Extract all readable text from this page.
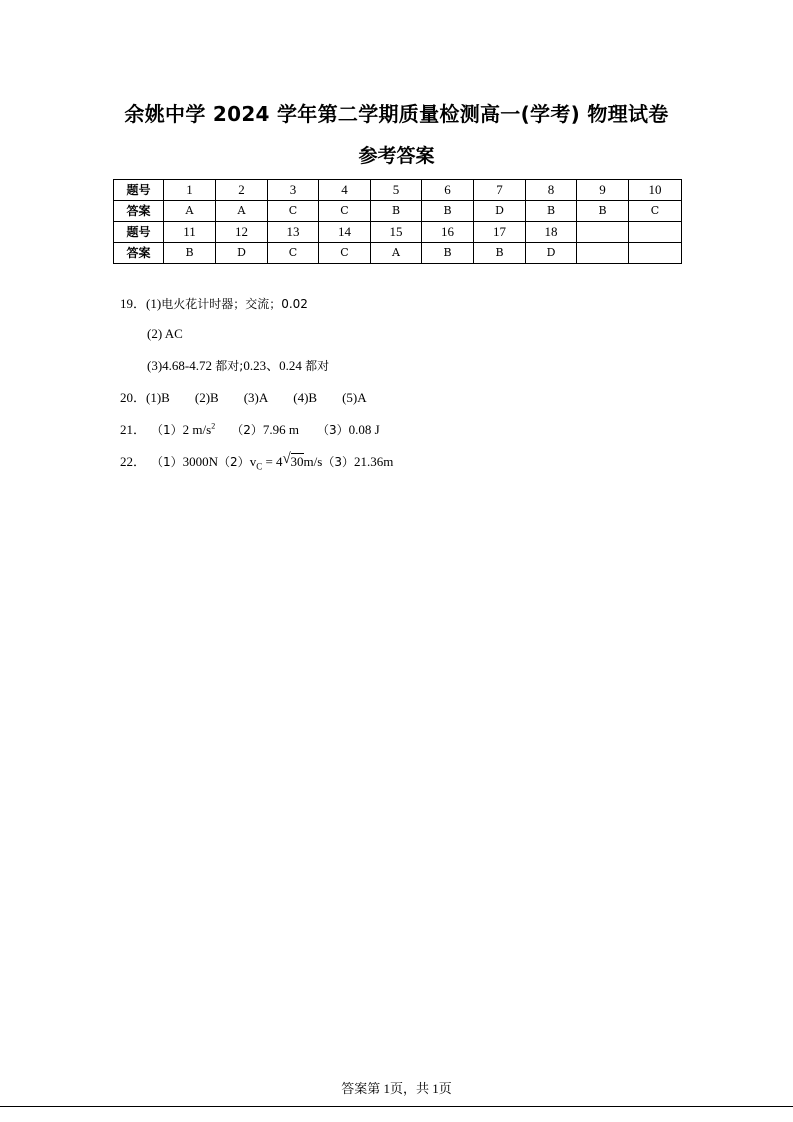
余姚中学 2024 学年第二学期质量检测高一(学考) 物理试卷
参考答案
题号	1	2	3	4	5	6	7	8	9	10
答案	A	A	C	C	B	B	D	B	B	C
题号	11	12	13	14	15	16	17	18		
答案	B	D	C	C	A	B	B	D		
19．(1)电火花计时器；交流；0.02
(2) AC
(3)4.68-4.72 都对;0.23、0.24 都对
20．(1)B (2)B (3)A (4)B (5)A
21． （1）2 $m/s^2$ （2）7.96 m （3）0.08 J
22． $(1)3000N(2)v_C = 4$ √ 30m/s（3）21.36m
答案第 1页，共 1页
